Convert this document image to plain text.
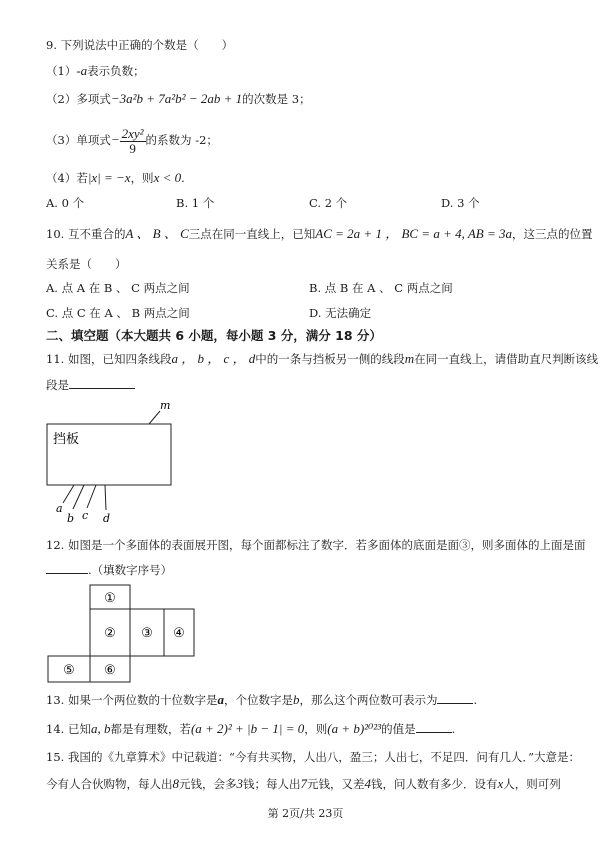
9. 下列说法中正确的个数是（　　）
（1）-a表示负数；
（2）多项式−3a²b + 7a²b² − 2ab + 1的次数是 3；
（3）单项式− $\frac{\text{2xy²}}{9}$ 的系数为 -2；
（4）若|x| = −x，则x < 0.
A. 0 个	B. 1 个	C. 2 个	D. 3 个
10. 互不重合的A 、 B 、 C三点在同一直线上，已知AC = 2a + 1 ， BC = a + 4, AB = 3a，这三点的位置
关系是（　　）
A. 点 A 在 B 、 C 两点之间	B. 点 B 在 A 、 C 两点之间
C. 点 C 在 A 、 B 两点之间	D. 无法确定
二、填空题（本大题共 6 小题，每小题 3 分，满分 18 分）
11. 如图，已知四条线段a ， b ， c ， d中的一条与挡板另一侧的线段m在同一直线上，请借助直尺判断该线
段是
挡板
m
a
b c d
12. 如图是一个多面体的表面展开图，每个面都标注了数字．若多面体的底面是面③，则多面体的上面是面
.（填数字序号）
①
② ③ ④
⑤ ⑥
13. 如果一个两位数的十位数字是a，个位数字是b，那么这个两位数可表示为	.
14. 已知a, b都是有理数，若(a + 2)² + |b − 1| = 0，则(a + b)²⁰²³的值是	.
15. 我国的《九章算术》中记载道：“今有共买物，人出八，盈三；人出七，不足四．问有几人．”大意是：
今有人合伙购物，每人出8元钱，会多3钱；每人出7元钱，又差4钱，问人数有多少．设有x人，则可列
第 2页/共 23页
